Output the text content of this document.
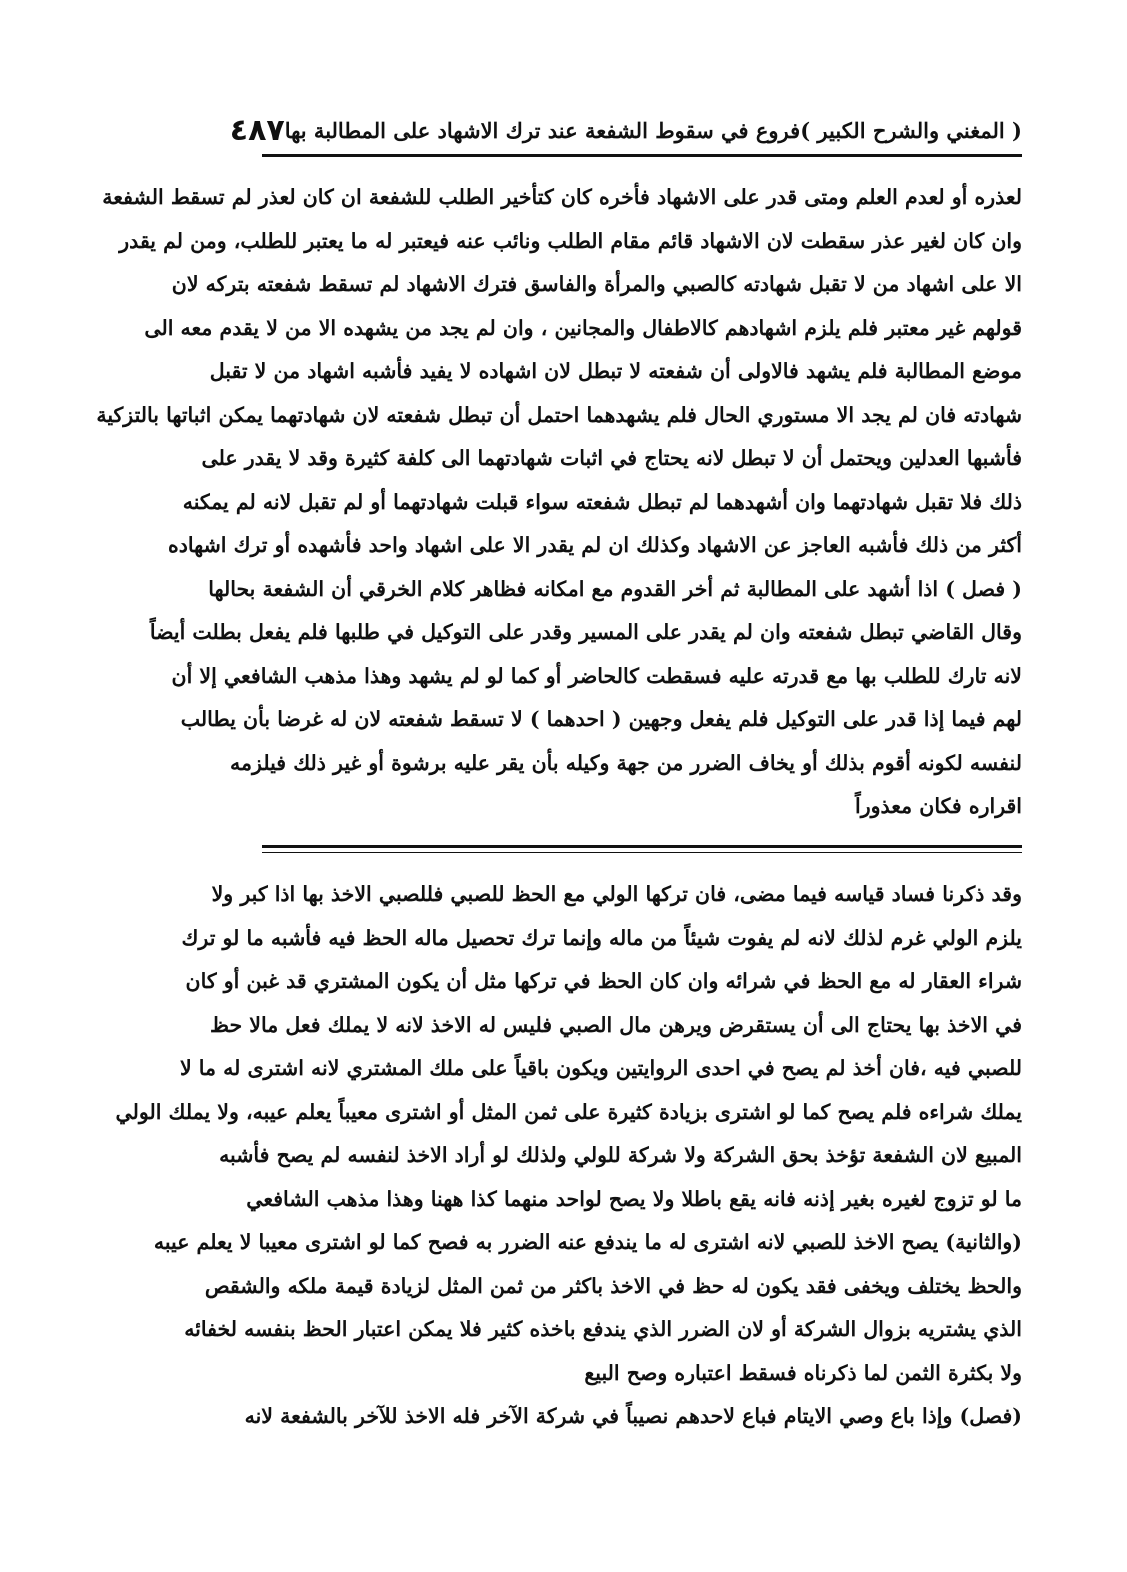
( المغني والشرح الكبير )
فروع في سقوط الشفعة عند ترك الاشهاد على المطالبة بها
٤٨٧
لعذره أو لعدم العلم ومتى قدر على الاشهاد فأخره كان كتأخير الطلب للشفعة ان كان لعذر لم تسقط الشفعة
وان كان لغير عذر سقطت لان الاشهاد قائم مقام الطلب ونائب عنه فيعتبر له ما يعتبر للطلب، ومن لم يقدر
الا على اشهاد من لا تقبل شهادته كالصبي والمرأة والفاسق فترك الاشهاد لم تسقط شفعته بتركه لان
قولهم غير معتبر فلم يلزم اشهادهم كالاطفال والمجانين ، وان لم يجد من يشهده الا من لا يقدم معه الى
موضع المطالبة فلم يشهد فالاولى أن شفعته لا تبطل لان اشهاده لا يفيد فأشبه اشهاد من لا تقبل
شهادته فان لم يجد الا مستوري الحال فلم يشهدهما احتمل أن تبطل شفعته لان شهادتهما يمكن اثباتها بالتزكية
فأشبها العدلين ويحتمل أن لا تبطل لانه يحتاج في اثبات شهادتهما الى كلفة كثيرة وقد لا يقدر على
ذلك فلا تقبل شهادتهما وان أشهدهما لم تبطل شفعته سواء قبلت شهادتهما أو لم تقبل لانه لم يمكنه
أكثر من ذلك فأشبه العاجز عن الاشهاد وكذلك ان لم يقدر الا على اشهاد واحد فأشهده أو ترك اشهاده
( فصل ) اذا أشهد على المطالبة ثم أخر القدوم مع امكانه فظاهر كلام الخرقي أن الشفعة بحالها
وقال القاضي تبطل شفعته وان لم يقدر على المسير وقدر على التوكيل في طلبها فلم يفعل بطلت أيضاً
لانه تارك للطلب بها مع قدرته عليه فسقطت كالحاضر أو كما لو لم يشهد وهذا مذهب الشافعي إلا أن
لهم فيما إذا قدر على التوكيل فلم يفعل وجهين ( احدهما ) لا تسقط شفعته لان له غرضا بأن يطالب
لنفسه لكونه أقوم بذلك أو يخاف الضرر من جهة وكيله بأن يقر عليه برشوة أو غير ذلك فيلزمه
اقراره فكان معذوراً
وقد ذكرنا فساد قياسه فيما مضى، فان تركها الولي مع الحظ للصبي فللصبي الاخذ بها اذا كبر ولا
يلزم الولي غرم لذلك لانه لم يفوت شيئاً من ماله وإنما ترك تحصيل ماله الحظ فيه فأشبه ما لو ترك
شراء العقار له مع الحظ في شرائه وان كان الحظ في تركها مثل أن يكون المشتري قد غبن أو كان
في الاخذ بها يحتاج الى أن يستقرض ويرهن مال الصبي فليس له الاخذ لانه لا يملك فعل مالا حظ
للصبي فيه ،فان أخذ لم يصح في احدى الروايتين ويكون باقياً على ملك المشتري لانه اشترى له ما لا
يملك شراءه فلم يصح كما لو اشترى بزيادة كثيرة على ثمن المثل أو اشترى معيباً يعلم عيبه، ولا يملك الولي
المبيع لان الشفعة تؤخذ بحق الشركة ولا شركة للولي ولذلك لو أراد الاخذ لنفسه لم يصح فأشبه
ما لو تزوج لغيره بغير إذنه فانه يقع باطلا ولا يصح لواحد منهما كذا ههنا وهذا مذهب الشافعي
(والثانية) يصح الاخذ للصبي لانه اشترى له ما يندفع عنه الضرر به فصح كما لو اشترى معيبا لا يعلم عيبه
والحظ يختلف ويخفى فقد يكون له حظ في الاخذ باكثر من ثمن المثل لزيادة قيمة ملكه والشقص
الذي يشتريه بزوال الشركة أو لان الضرر الذي يندفع باخذه كثير فلا يمكن اعتبار الحظ بنفسه لخفائه
ولا بكثرة الثمن لما ذكرناه فسقط اعتباره وصح البيع
(فصل) وإذا باع وصي الايتام فباع لاحدهم نصيباً في شركة الآخر فله الاخذ للآخر بالشفعة لانه
